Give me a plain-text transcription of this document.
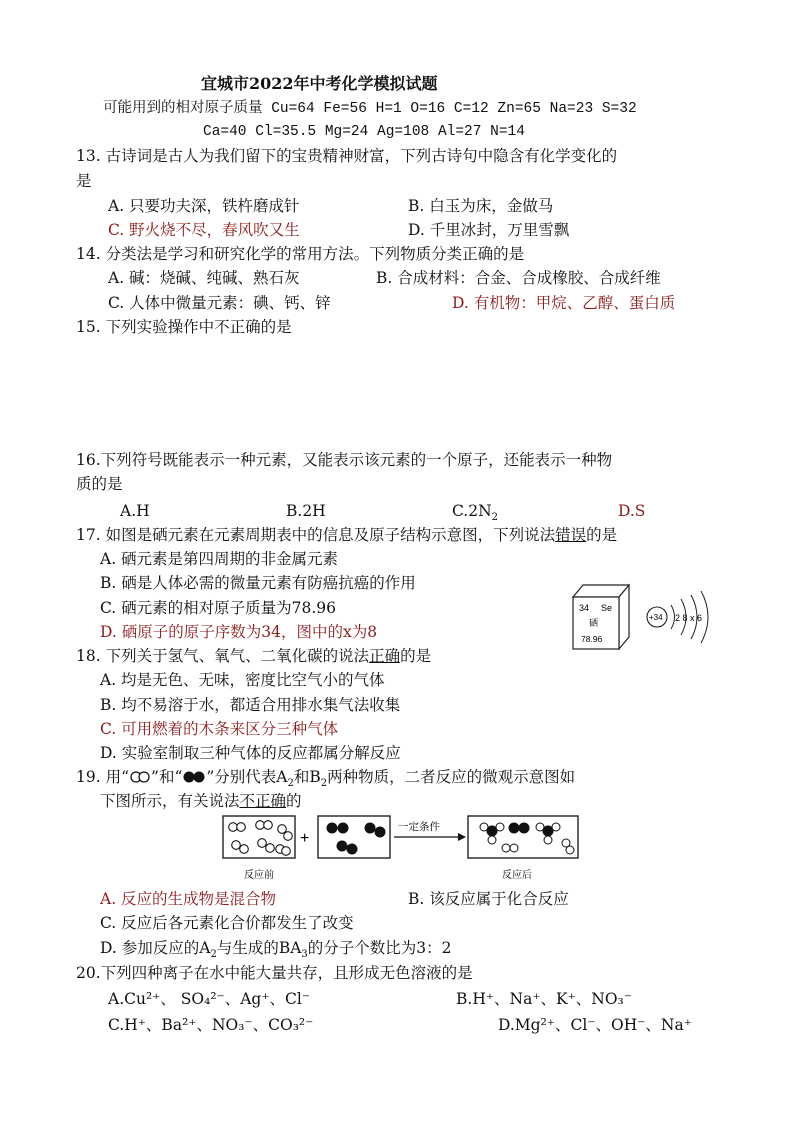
宜城市2022年中考化学模拟试题
可能用到的相对原子质量 Cu=64 Fe=56 H=1 O=16 C=12 Zn=65 Na=23 S=32
Ca=40 Cl=35.5 Mg=24 Ag=108 Al=27 N=14
13. 古诗词是古人为我们留下的宝贵精神财富，下列古诗句中隐含有化学变化的
是
A. 只要功夫深，铁杵磨成针	B. 白玉为床，金做马
C. 野火烧不尽，春风吹又生	D. 千里冰封，万里雪飘
14. 分类法是学习和研究化学的常用方法。下列物质分类正确的是
A. 碱：烧碱、纯碱、熟石灰	B. 合成材料：合金、合成橡胶、合成纤维
C. 人体中微量元素：碘、钙、锌	D. 有机物：甲烷、乙醇、蛋白质
15. 下列实验操作中不正确的是
16.下列符号既能表示一种元素，又能表示该元素的一个原子，还能表示一种物
质的是
A.H	B.2H	$C.2N_2$	D.S
17. 如图是硒元素在元素周期表中的信息及原子结构示意图，下列说法错误的是
A. 硒元素是第四周期的非金属元素
B. 硒是人体必需的微量元素有防癌抗癌的作用
C. 硒元素的相对原子质量为78.96
D. 硒原子的原子序数为34，图中的x为8
34 Se
硒
78.96
+34 2 8 x 6
18. 下列关于氢气、氧气、二氧化碳的说法正确的是
A. 均是无色、无味，密度比空气小的气体
B. 均不易溶于水，都适合用排水集气法收集
C. 可用燃着的木条来区分三种气体
D. 实验室制取三种气体的反应都属分解反应
19. 用“ ”和“ ”分别代表$A_2$和$B_2$两种物质，二者反应的微观示意图如
下图所示，有关说法不正确的
+
一定条件
反应前	反应后
A. 反应的生成物是混合物	B. 该反应属于化合反应
C. 反应后各元素化合价都发生了改变
D. 参加反应的$A_2$与生成的$BA_3$的分子个数比为3：2
20.下列四种离子在水中能大量共存，且形成无色溶液的是
A.Cu²⁺、 SO₄²⁻、Ag⁺、Cl⁻	B.H⁺、Na⁺、K⁺、NO₃⁻
C.H⁺、Ba²⁺、NO₃⁻、CO₃²⁻	D.Mg²⁺、Cl⁻、OH⁻、Na⁺
